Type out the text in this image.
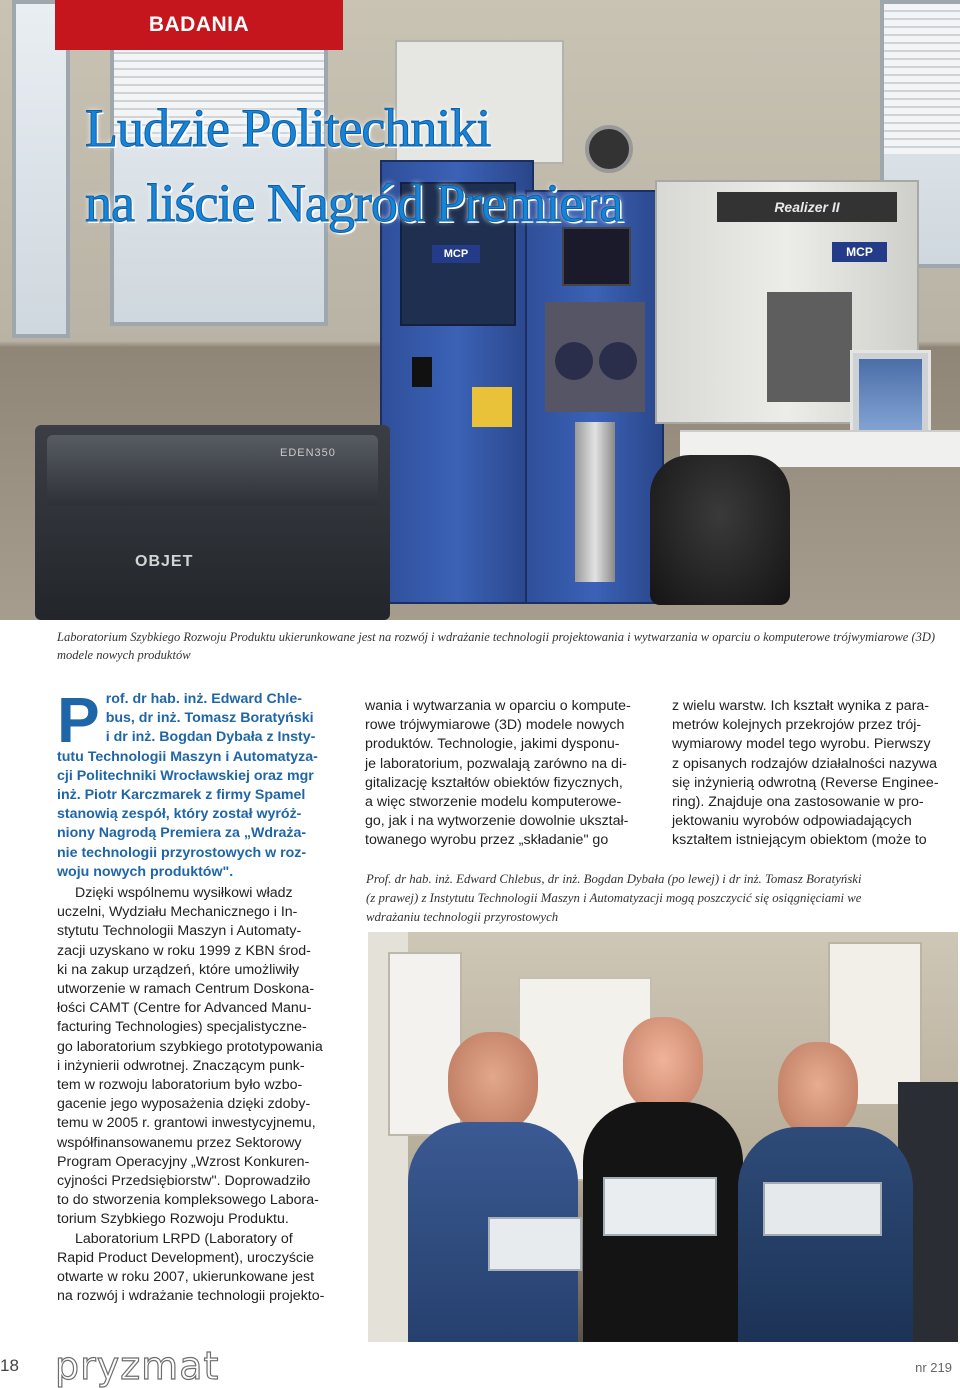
Realizer II
MCP
MCP
EDEN350
OBJET
BADANIA
Ludzie Politechniki
na liście Nagród Premiera
Laboratorium Szybkiego Rozwoju Produktu ukierunkowane jest na rozwój i wdrażanie technologii projektowania i wytwarzania w oparciu o komputerowe trójwymiarowe (3D) modele nowych produktów
P rof. dr hab. inż. Edward Chle-
bus, dr inż. Tomasz Boratyński
i dr inż. Bogdan Dybała z Insty-
tutu Technologii Maszyn i Automatyza-
cji Politechniki Wrocławskiej oraz mgr
inż. Piotr Karczmarek z firmy Spamel
stanowią zespół, który został wyróż-
niony Nagrodą Premiera za „Wdraża-
nie technologii przyrostowych w roz-
woju nowych produktów".
Dzięki wspólnemu wysiłkowi władz
uczelni, Wydziału Mechanicznego i In-
stytutu Technologii Maszyn i Automaty-
zacji uzyskano w roku 1999 z KBN środ-
ki na zakup urządzeń, które umożliwiły
utworzenie w ramach Centrum Doskona-
łości CAMT (Centre for Advanced Manu-
facturing Technologies) specjalistyczne-
go laboratorium szybkiego prototypowania
i inżynierii odwrotnej. Znaczącym punk-
tem w rozwoju laboratorium było wzbo-
gacenie jego wyposażenia dzięki zdoby-
temu w 2005 r. grantowi inwestycyjnemu,
współfinansowanemu przez Sektorowy
Program Operacyjny „Wzrost Konkuren-
cyjności Przedsiębiorstw". Doprowadziło
to do stworzenia kompleksowego Labora-
torium Szybkiego Rozwoju Produktu.
Laboratorium LRPD (Laboratory of
Rapid Product Development), uroczyście
otwarte w roku 2007, ukierunkowane jest
na rozwój i wdrażanie technologii projekto-
wania i wytwarzania w oparciu o kompute-
rowe trójwymiarowe (3D) modele nowych
produktów. Technologie, jakimi dysponu-
je laboratorium, pozwalają zarówno na di-
gitalizację kształtów obiektów fizycznych,
a więc stworzenie modelu komputerowe-
go, jak i na wytworzenie dowolnie ukształ-
towanego wyrobu przez „składanie" go
z wielu warstw. Ich kształt wynika z para-
metrów kolejnych przekrojów przez trój-
wymiarowy model tego wyrobu. Pierwszy
z opisanych rodzajów działalności nazywa
się inżynierią odwrotną (Reverse Enginee-
ring). Znajduje ona zastosowanie w pro-
jektowaniu wyrobów odpowiadających
kształtem istniejącym obiektom (może to
Prof. dr hab. inż. Edward Chlebus, dr inż. Bogdan Dybała (po lewej) i dr inż. Tomasz Boratyński
(z prawej) z Instytutu Technologii Maszyn i Automatyzacji mogą poszczycić się osiągnięciami we
wdrażaniu technologii przyrostowych
18 pryzmat	nr 219
